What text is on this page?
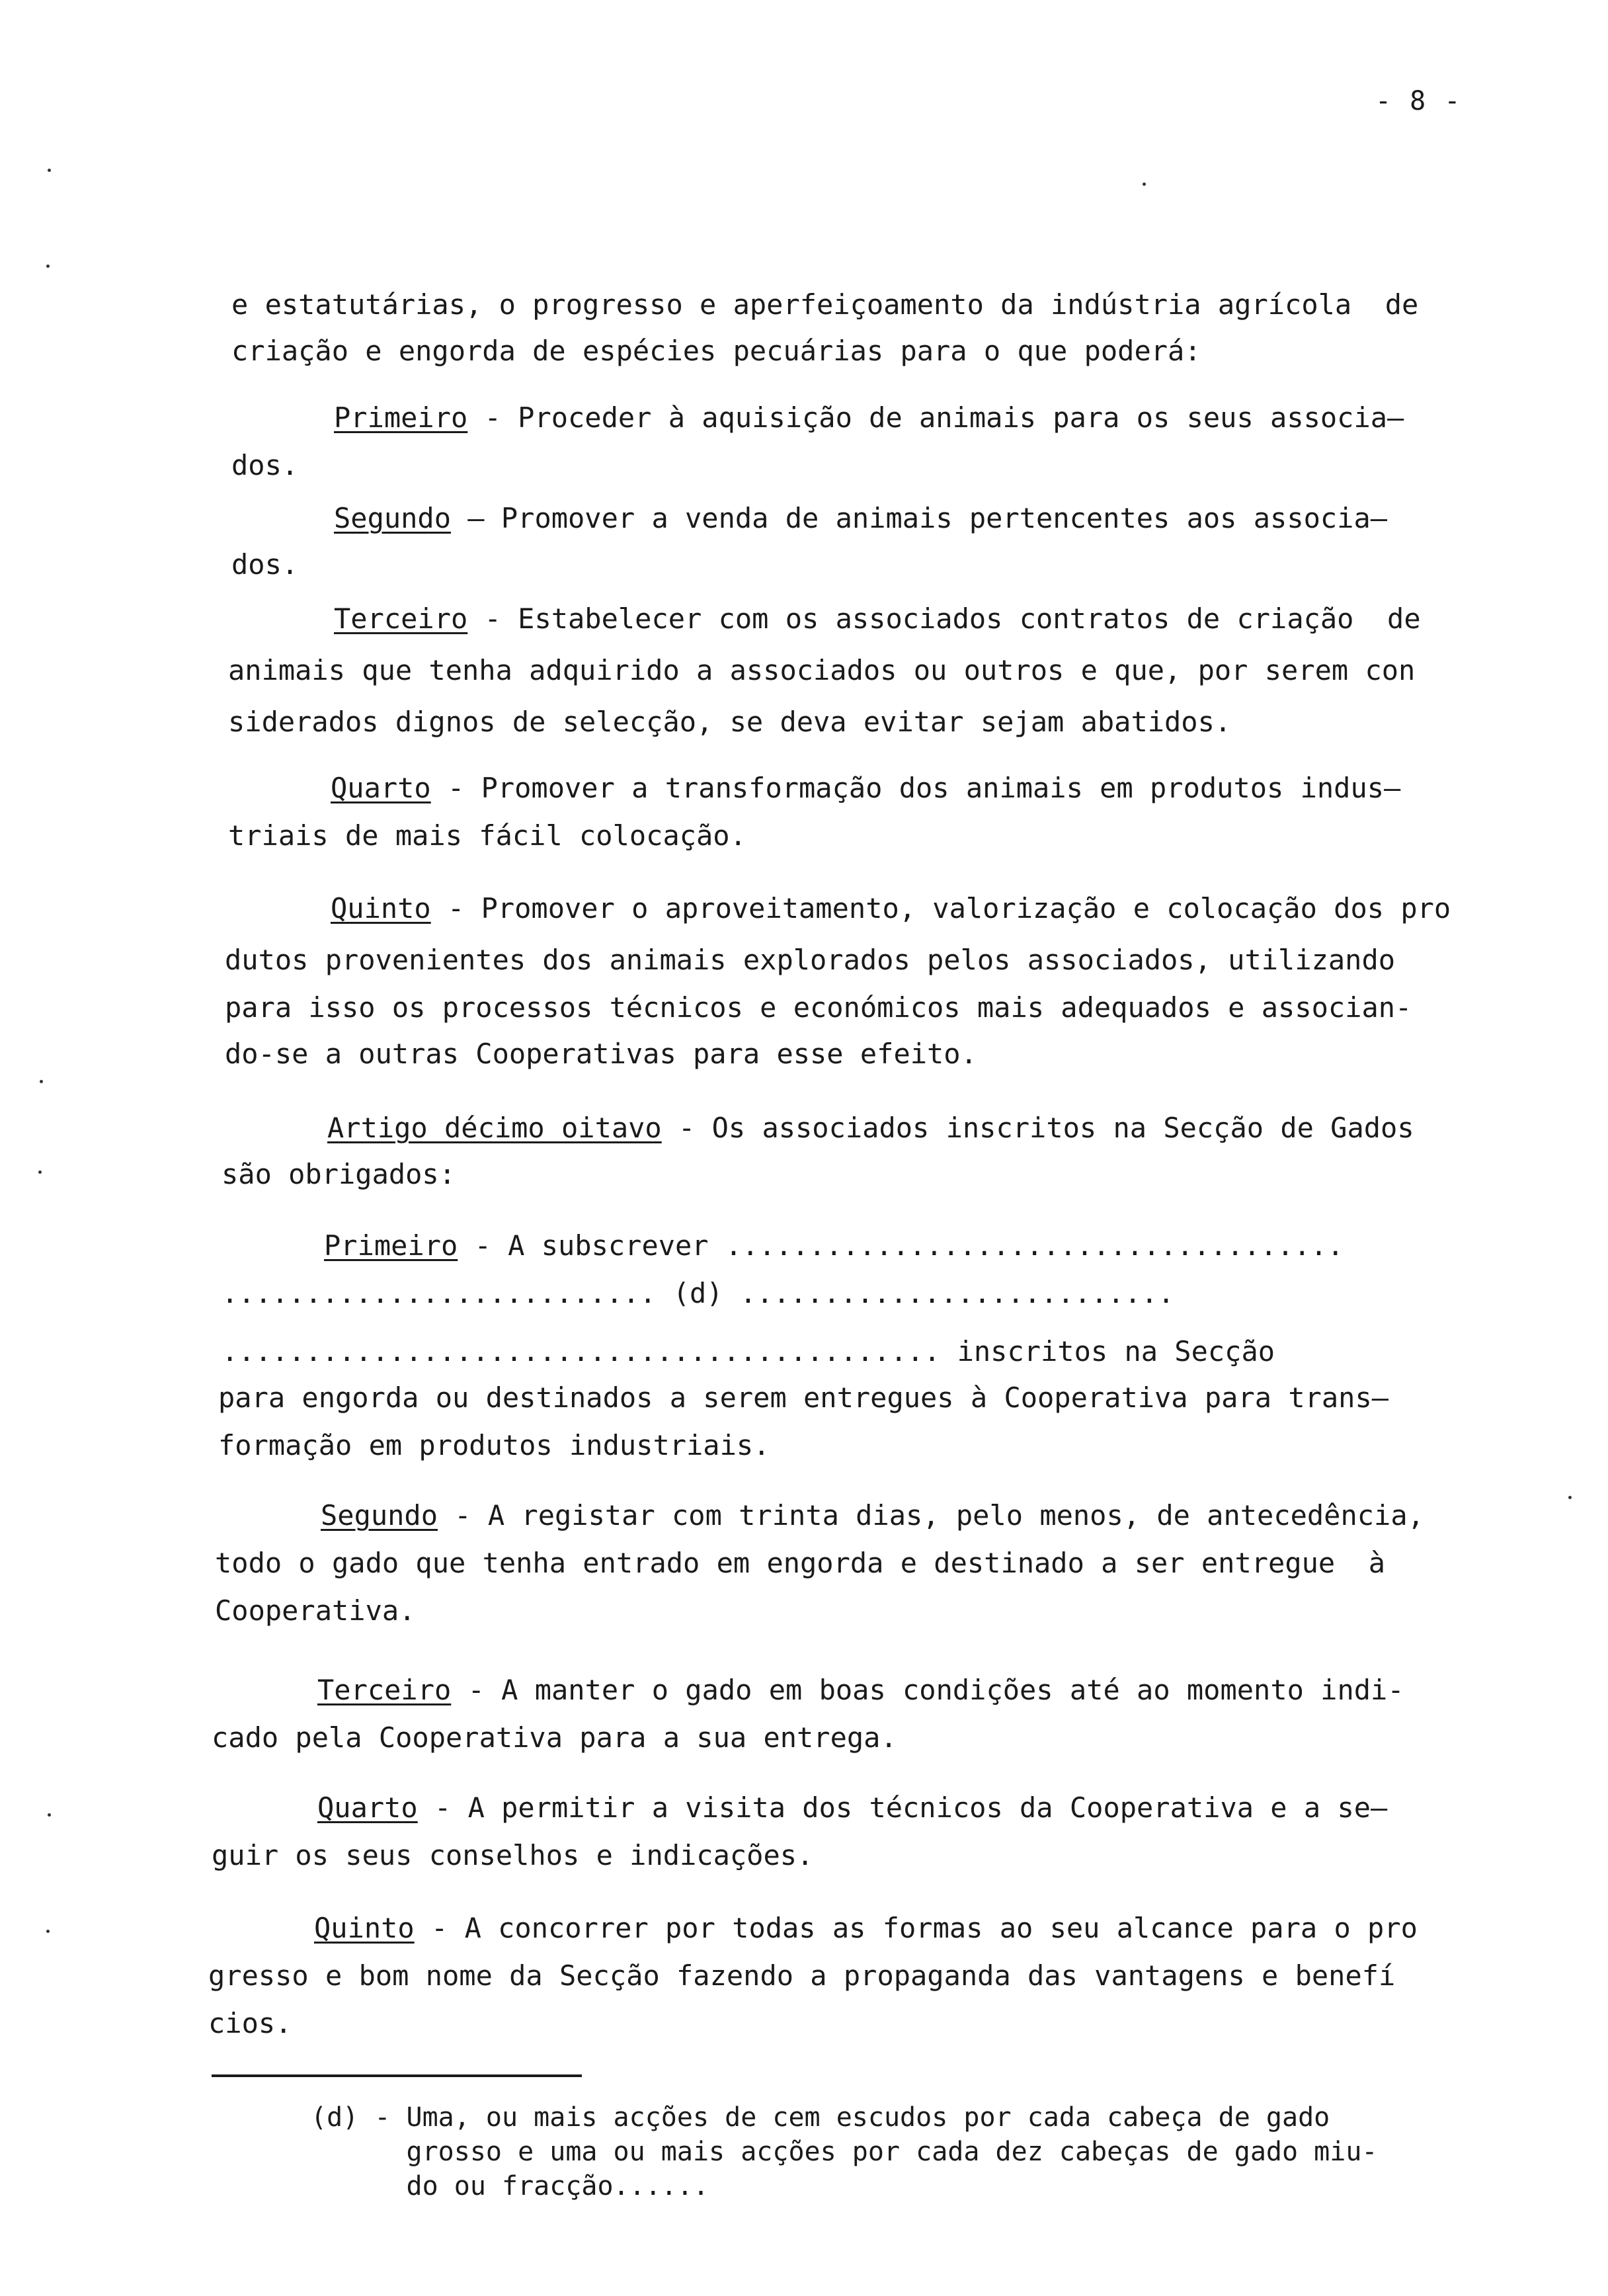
- 8 -
e estatutárias, o progresso e aperfeiçoamento da indústria agrícola  de
criação e engorda de espécies pecuárias para o que poderá:
Primeiro - Proceder à aquisição de animais para os seus associa—
dos.
Segundo — Promover a venda de animais pertencentes aos associa—
dos.
Terceiro - Estabelecer com os associados contratos de criação  de
animais que tenha adquirido a associados ou outros e que, por serem con
siderados dignos de selecção, se deva evitar sejam abatidos.
Quarto - Promover a transformação dos animais em produtos indus—
triais de mais fácil colocação.
Quinto - Promover o aproveitamento, valorização e colocação dos pro
dutos provenientes dos animais explorados pelos associados, utilizando
para isso os processos técnicos e económicos mais adequados e associan-
do-se a outras Cooperativas para esse efeito.
Artigo décimo oitavo - Os associados inscritos na Secção de Gados
são obrigados:
Primeiro - A subscrever .....................................
.......................... (d) ..........................
........................................... inscritos na Secção
para engorda ou destinados a serem entregues à Cooperativa para trans—
formação em produtos industriais.
Segundo - A registar com trinta dias, pelo menos, de antecedência,
todo o gado que tenha entrado em engorda e destinado a ser entregue  à
Cooperativa.
Terceiro - A manter o gado em boas condições até ao momento indi-
cado pela Cooperativa para a sua entrega.
Quarto - A permitir a visita dos técnicos da Cooperativa e a se—
guir os seus conselhos e indicações.
Quinto - A concorrer por todas as formas ao seu alcance para o pro
gresso e bom nome da Secção fazendo a propaganda das vantagens e benefí
cios.
(d) - Uma, ou mais acções de cem escudos por cada cabeça de gado
grosso e uma ou mais acções por cada dez cabeças de gado miu-
do ou fracção......
